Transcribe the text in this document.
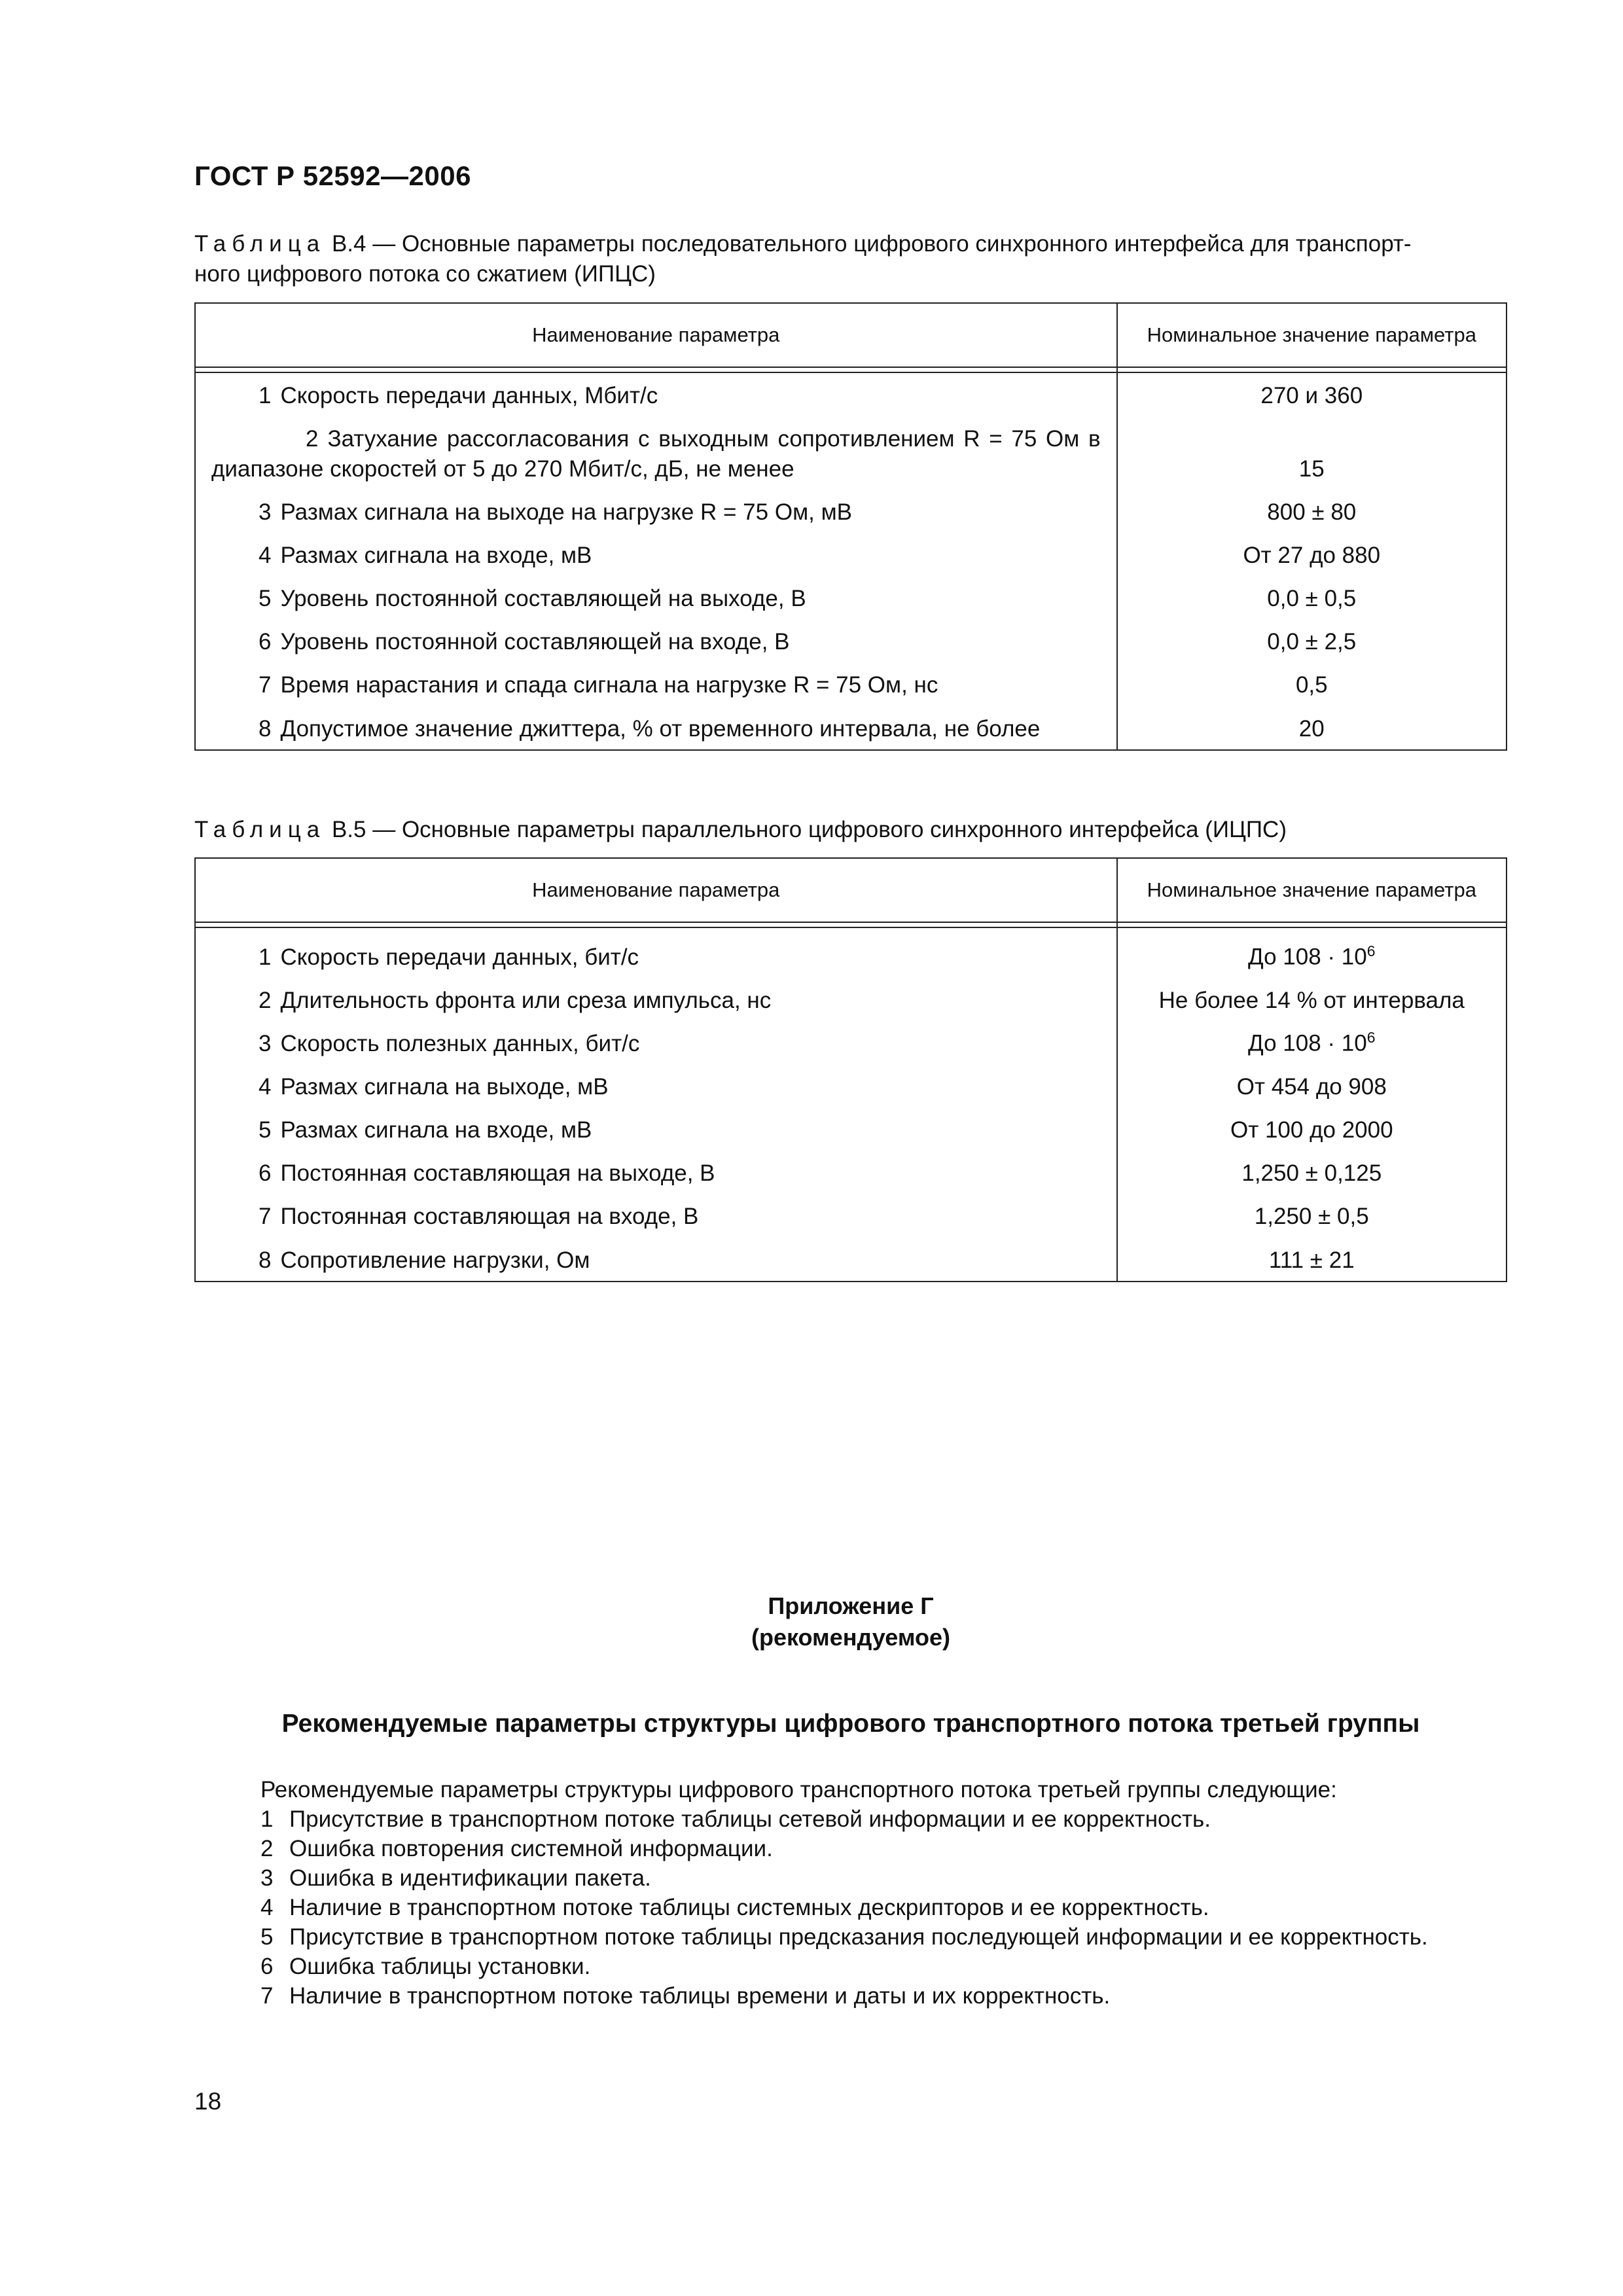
ГОСТ Р 52592—2006
Таблица В.4 — Основные параметры последовательного цифрового синхронного интерфейса для транспорт-
ного цифрового потока со сжатием (ИПЦС)
Наименование параметра	Номинальное значение параметра

1 Скорость передачи данных, Мбит/с	270 и 360

2 Затухание рассогласования с выходным сопротивлением R = 75 Ом в диапазоне скоростей от 5 до 270 Мбит/с, дБ, не менее	15
3 Размах сигнала на выходе на нагрузке R = 75 Ом, мВ	800 ± 80
4 Размах сигнала на входе, мВ	От 27 до 880
5 Уровень постоянной составляющей на выходе, В	0,0 ± 0,5
6 Уровень постоянной составляющей на входе, В	0,0 ± 2,5
7 Время нарастания и спада сигнала на нагрузке R = 75 Ом, нс	0,5
8 Допустимое значение джиттера, % от временного интервала, не более	20
Таблица В.5 — Основные параметры параллельного цифрового синхронного интерфейса (ИЦПС)
Наименование параметра	Номинальное значение параметра

1 Скорость передачи данных, бит/с	До $108 \cdot 10^6$
2 Длительность фронта или среза импульса, нс	Не более 14 % от интервала
3 Скорость полезных данных, бит/с	До $108 \cdot 10^6$
4 Размах сигнала на выходе, мВ	От 454 до 908
5 Размах сигнала на входе, мВ	От 100 до 2000
6 Постоянная составляющая на выходе, В	1,250 ± 0,125
7 Постоянная составляющая на входе, В	1,250 ± 0,5
8 Сопротивление нагрузки, Ом	111 ± 21
Приложение Г
(рекомендуемое)
Рекомендуемые параметры структуры цифрового транспортного потока третьей группы
Рекомендуемые параметры структуры цифрового транспортного потока третьей группы следующие:
1 Присутствие в транспортном потоке таблицы сетевой информации и ее корректность.
2 Ошибка повторения системной информации.
3 Ошибка в идентификации пакета.
4 Наличие в транспортном потоке таблицы системных дескрипторов и ее корректность.
5 Присутствие в транспортном потоке таблицы предсказания последующей информации и ее корректность.
6 Ошибка таблицы установки.
7 Наличие в транспортном потоке таблицы времени и даты и их корректность.
18
